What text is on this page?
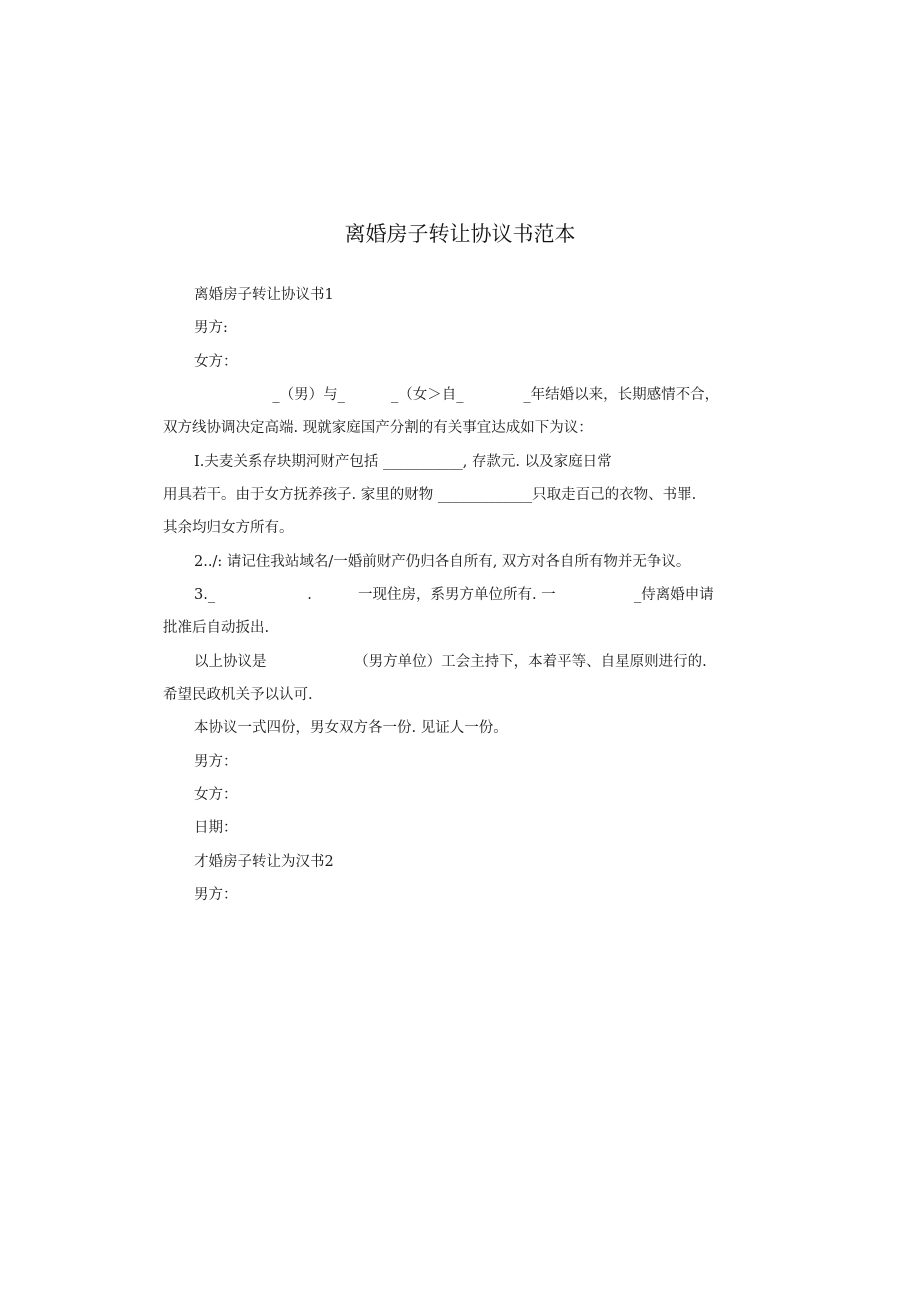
离婚房子转让协议书范本
离婚房子转让协议书1
男方:
女方：
_（男）与_          _（女＞自_             _年结婚以来，长期感情不合，
双方线协调决定高端. 现就家庭国产分割的有关事宜达成如下为议：
I.夫麦关系存块期河财产包括 ___________, 存款元. 以及家庭日常
用具若干。由于女方抚养孩子. 家里的财物 _____________只取走百己的衣物、书罪.
其余均归女方所有。
2../: 请记住我站域名/一婚前财产仍归各自所有, 双方对各自所有物并无争议。
3._                    .          一现住房，系男方单位所有. 一                 _侍离婚申请
批准后自动扳出.
以上协议是                   （男方单位）工会主持下，本着平等、自星原则进行的.
希望民政机关予以认可.
本协议一式四份，男女双方各一份. 见证人一份。
男方：
女方：
日期：
才婚房子转让为汉书2
男方：
